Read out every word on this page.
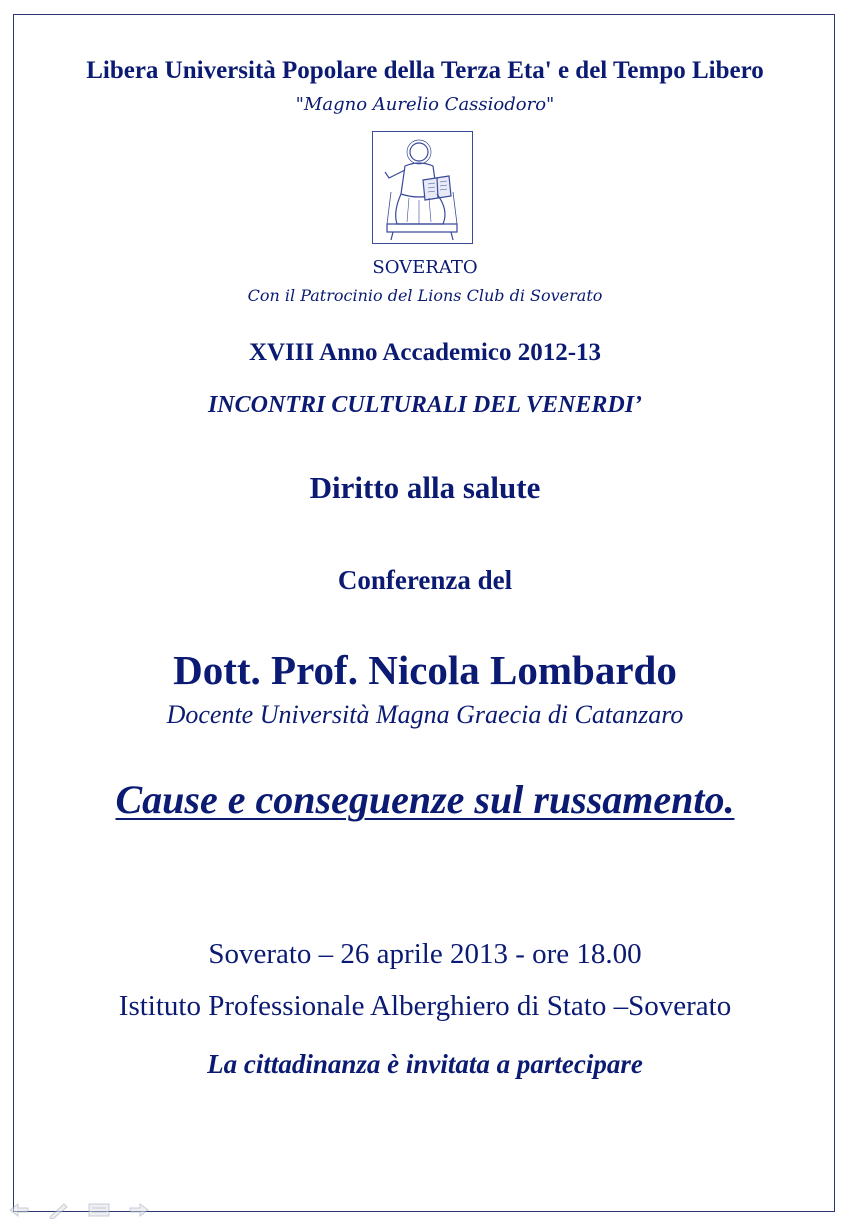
Libera Università Popolare della Terza Eta' e del Tempo Libero
"Magno Aurelio Cassiodoro"
SOVERATO
Con il Patrocinio del Lions Club di Soverato
XVIII Anno Accademico 2012-13
INCONTRI CULTURALI DEL VENERDI’
Diritto alla salute
Conferenza del
Dott. Prof. Nicola Lombardo
Docente Università Magna Graecia di Catanzaro
Cause e conseguenze sul russamento.
Soverato – 26 aprile 2013 - ore 18.00
Istituto Professionale Alberghiero di Stato –Soverato
La cittadinanza è invitata a partecipare
